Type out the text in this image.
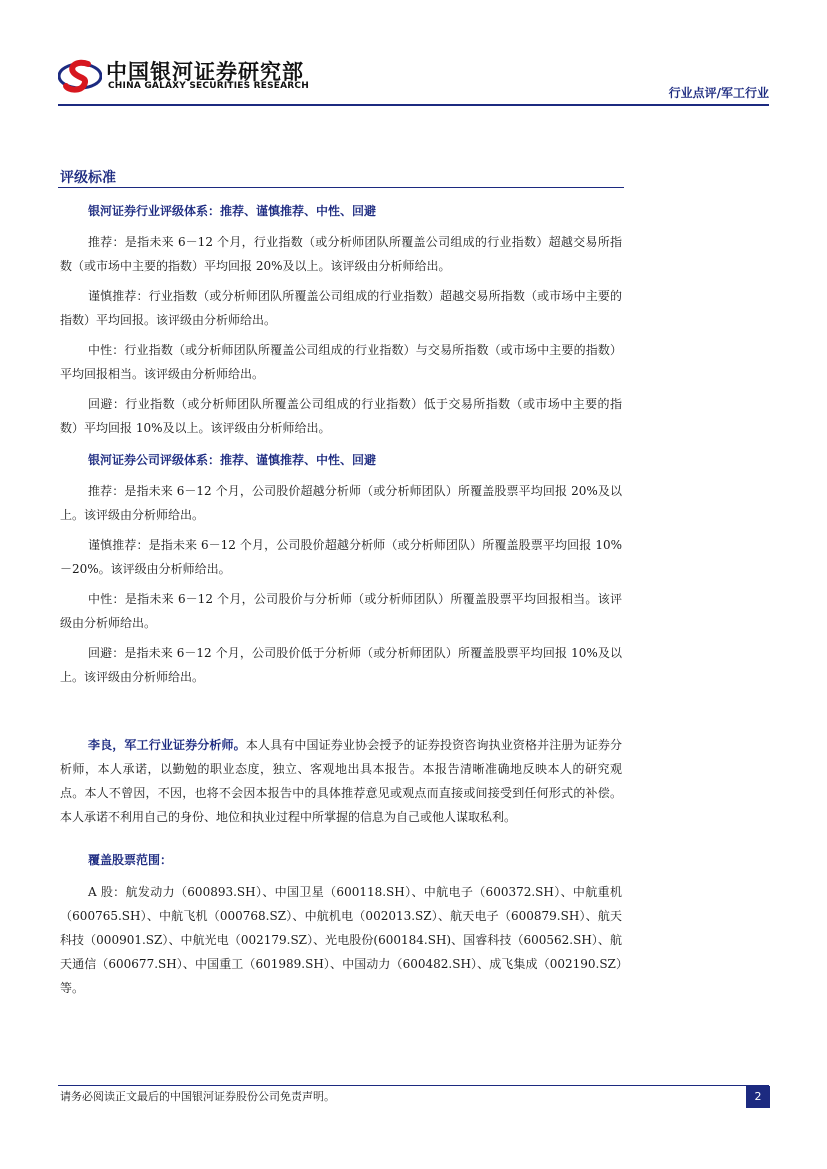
中国银河证券研究部
CHINA GALAXY SECURITIES RESEARCH	行业点评/军工行业
评级标准
银河证券行业评级体系：推荐、谨慎推荐、中性、回避

推荐：是指未来 6－12 个月，行业指数（或分析师团队所覆盖公司组成的行业指数）超越交易所指数（或市场中主要的指数）平均回报 20%及以上。该评级由分析师给出。

谨慎推荐：行业指数（或分析师团队所覆盖公司组成的行业指数）超越交易所指数（或市场中主要的指数）平均回报。该评级由分析师给出。

中性：行业指数（或分析师团队所覆盖公司组成的行业指数）与交易所指数（或市场中主要的指数）平均回报相当。该评级由分析师给出。

回避：行业指数（或分析师团队所覆盖公司组成的行业指数）低于交易所指数（或市场中主要的指数）平均回报 10%及以上。该评级由分析师给出。

银河证券公司评级体系：推荐、谨慎推荐、中性、回避

推荐：是指未来 6－12 个月，公司股价超越分析师（或分析师团队）所覆盖股票平均回报 20%及以上。该评级由分析师给出。

谨慎推荐：是指未来 6－12 个月，公司股价超越分析师（或分析师团队）所覆盖股票平均回报 10%－20%。该评级由分析师给出。

中性：是指未来 6－12 个月，公司股价与分析师（或分析师团队）所覆盖股票平均回报相当。该评级由分析师给出。

回避：是指未来 6－12 个月，公司股价低于分析师（或分析师团队）所覆盖股票平均回报 10%及以上。该评级由分析师给出。

李良，军工行业证券分析师。本人具有中国证券业协会授予的证券投资咨询执业资格并注册为证券分析师，本人承诺，以勤勉的职业态度，独立、客观地出具本报告。本报告清晰准确地反映本人的研究观点。本人不曾因，不因，也将不会因本报告中的具体推荐意见或观点而直接或间接受到任何形式的补偿。本人承诺不利用自己的身份、地位和执业过程中所掌握的信息为自己或他人谋取私利。

覆盖股票范围：

A 股：航发动力（600893.SH）、中国卫星（600118.SH）、中航电子（600372.SH）、中航重机（600765.SH）、中航飞机（000768.SZ）、中航机电（002013.SZ）、航天电子（600879.SH）、航天科技（000901.SZ）、中航光电（002179.SZ）、光电股份(600184.SH)、国睿科技（600562.SH）、航天通信（600677.SH）、中国重工（601989.SH）、中国动力（600482.SH）、成飞集成（002190.SZ）等。

请务必阅读正文最后的中国银河证券股份公司免责声明。	2
